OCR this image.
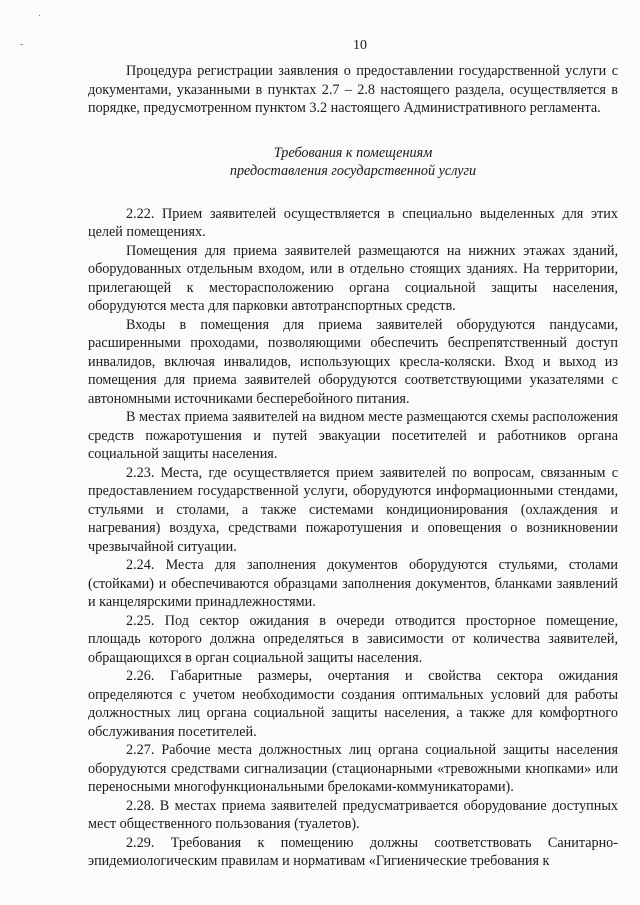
·
-	10

Процедура регистрации заявления о предоставлении государственной услуги с документами, указанными в пунктах 2.7 – 2.8 настоящего раздела, осуществляется в порядке, предусмотренном пунктом 3.2 настоящего Административного регламента.

Требования к помещениям
предоставления государственной услуги

2.22. Прием заявителей осуществляется в специально выделенных для этих целей помещениях.

Помещения для приема заявителей размещаются на нижних этажах зданий, оборудованных отдельным входом, или в отдельно стоящих зданиях. На территории, прилегающей к месторасположению органа социальной защиты населения, оборудуются места для парковки автотранспортных средств.

Входы в помещения для приема заявителей оборудуются пандусами, расширенными проходами, позволяющими обеспечить беспрепятственный доступ инвалидов, включая инвалидов, использующих кресла-коляски. Вход и выход из помещения для приема заявителей оборудуются соответствующими указателями с автономными источниками бесперебойного питания.

В местах приема заявителей на видном месте размещаются схемы расположения средств пожаротушения и путей эвакуации посетителей и работников органа социальной защиты населения.

2.23. Места, где осуществляется прием заявителей по вопросам, связанным с предоставлением государственной услуги, оборудуются информационными стендами, стульями и столами, а также системами кондиционирования (охлаждения и нагревания) воздуха, средствами пожаротушения и оповещения о возникновении чрезвычайной ситуации.

2.24. Места для заполнения документов оборудуются стульями, столами (стойками) и обеспечиваются образцами заполнения документов, бланками заявлений и канцелярскими принадлежностями.

2.25. Под сектор ожидания в очереди отводится просторное помещение, площадь которого должна определяться в зависимости от количества заявителей, обращающихся в орган социальной защиты населения.

2.26. Габаритные размеры, очертания и свойства сектора ожидания определяются с учетом необходимости создания оптимальных условий для работы должностных лиц органа социальной защиты населения, а также для комфортного обслуживания посетителей.

2.27. Рабочие места должностных лиц органа социальной защиты населения оборудуются средствами сигнализации (стационарными «тревожными кнопками» или переносными многофункциональными брелоками-коммуникаторами).

2.28. В местах приема заявителей предусматривается оборудование доступных мест общественного пользования (туалетов).

2.29. Требования к помещению должны соответствовать Санитарно-эпидемиологическим правилам и нормативам «Гигиенические требования к
